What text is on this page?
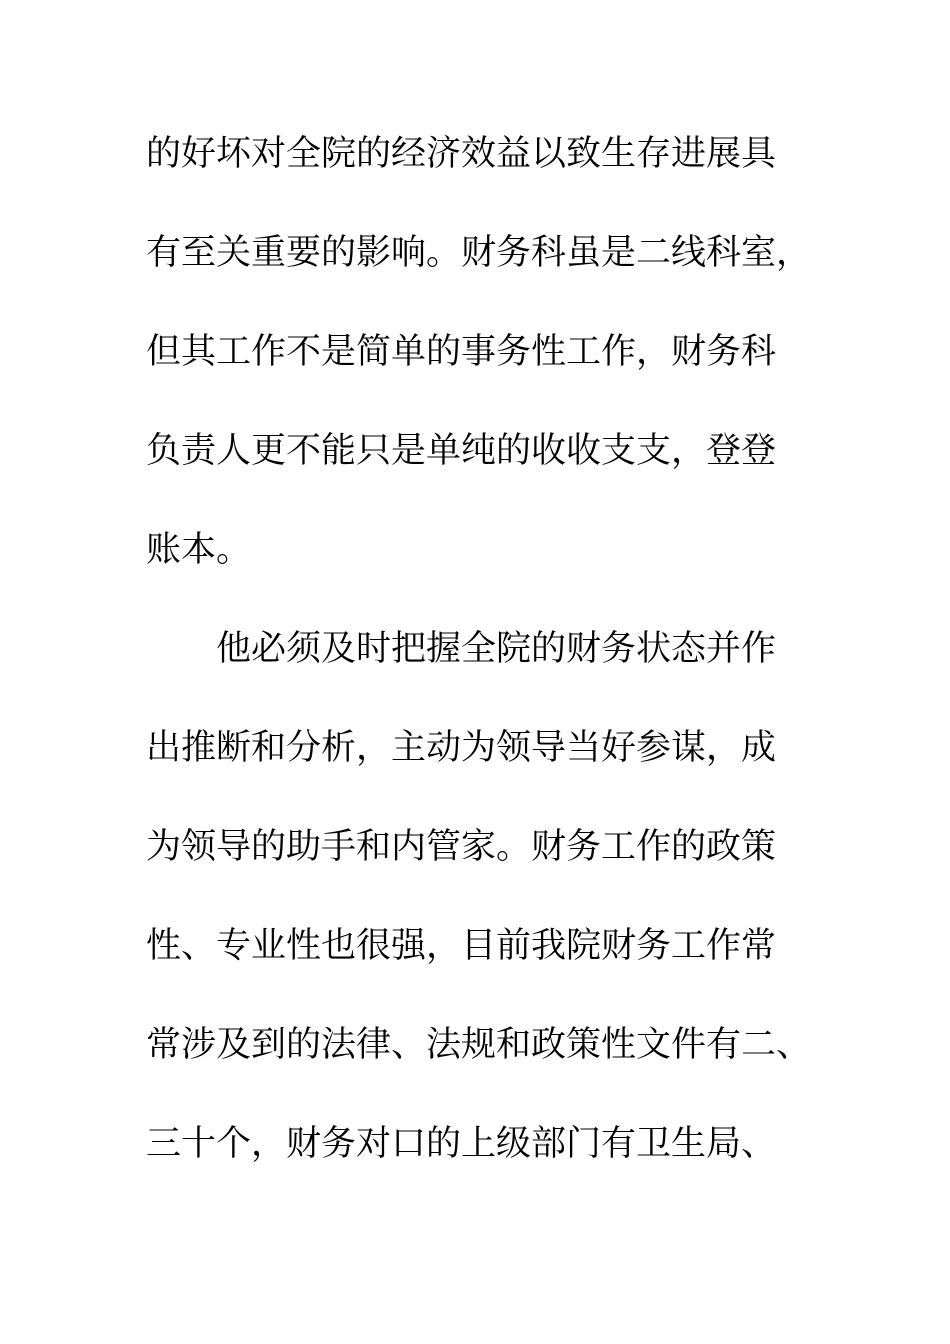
的好坏对全院的经济效益以致生存进展具
有至关重要的影响。财务科虽是二线科室，
但其工作不是简单的事务性工作，财务科
负责人更不能只是单纯的收收支支，登登
账本。
他必须及时把握全院的财务状态并作
出推断和分析，主动为领导当好参谋，成
为领导的助手和内管家。财务工作的政策
性、专业性也很强，目前我院财务工作常
常涉及到的法律、法规和政策性文件有二、
三十个，财务对口的上级部门有卫生局、
